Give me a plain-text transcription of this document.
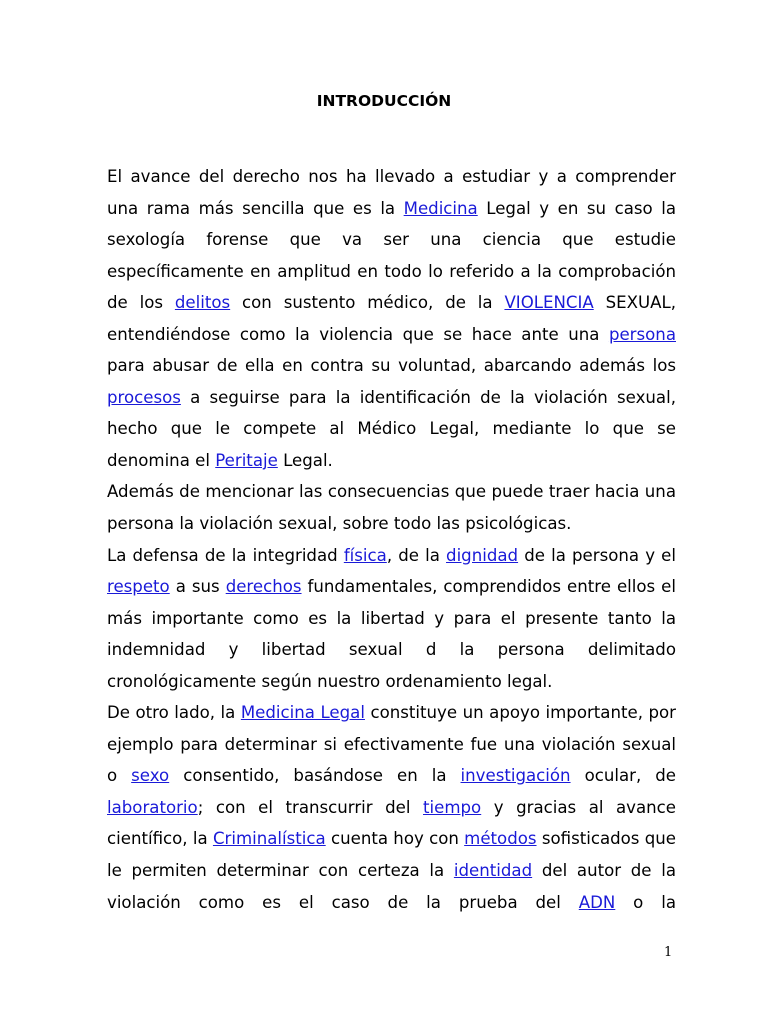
INTRODUCCIÓN

El avance del derecho nos ha llevado a estudiar y a comprender una rama más sencilla que es la Medicina Legal y en su caso la sexología forense que va ser una ciencia que estudie específicamente en amplitud en todo lo referido a la comprobación de los delitos con sustento médico, de la VIOLENCIA SEXUAL, entendiéndose como la violencia que se hace ante una persona para abusar de ella en contra su voluntad, abarcando además los procesos a seguirse para la identificación de la violación sexual, hecho que le compete al Médico Legal, mediante lo que se denomina el Peritaje Legal.

Además de mencionar las consecuencias que puede traer hacia una persona la violación sexual, sobre todo las psicológicas.

La defensa de la integridad física, de la dignidad de la persona y el respeto a sus derechos fundamentales, comprendidos entre ellos el más importante como es la libertad y para el presente tanto la indemnidad y libertad sexual d la persona delimitado cronológicamente según nuestro ordenamiento legal.

De otro lado, la Medicina Legal constituye un apoyo importante, por ejemplo para determinar si efectivamente fue una violación sexual o sexo consentido, basándose en la investigación ocular, de laboratorio; con el transcurrir del tiempo y gracias al avance científico, la Criminalística cuenta hoy con métodos sofisticados que le permiten determinar con certeza la identidad del autor de la violación como es el caso de la prueba del ADN o la

1
